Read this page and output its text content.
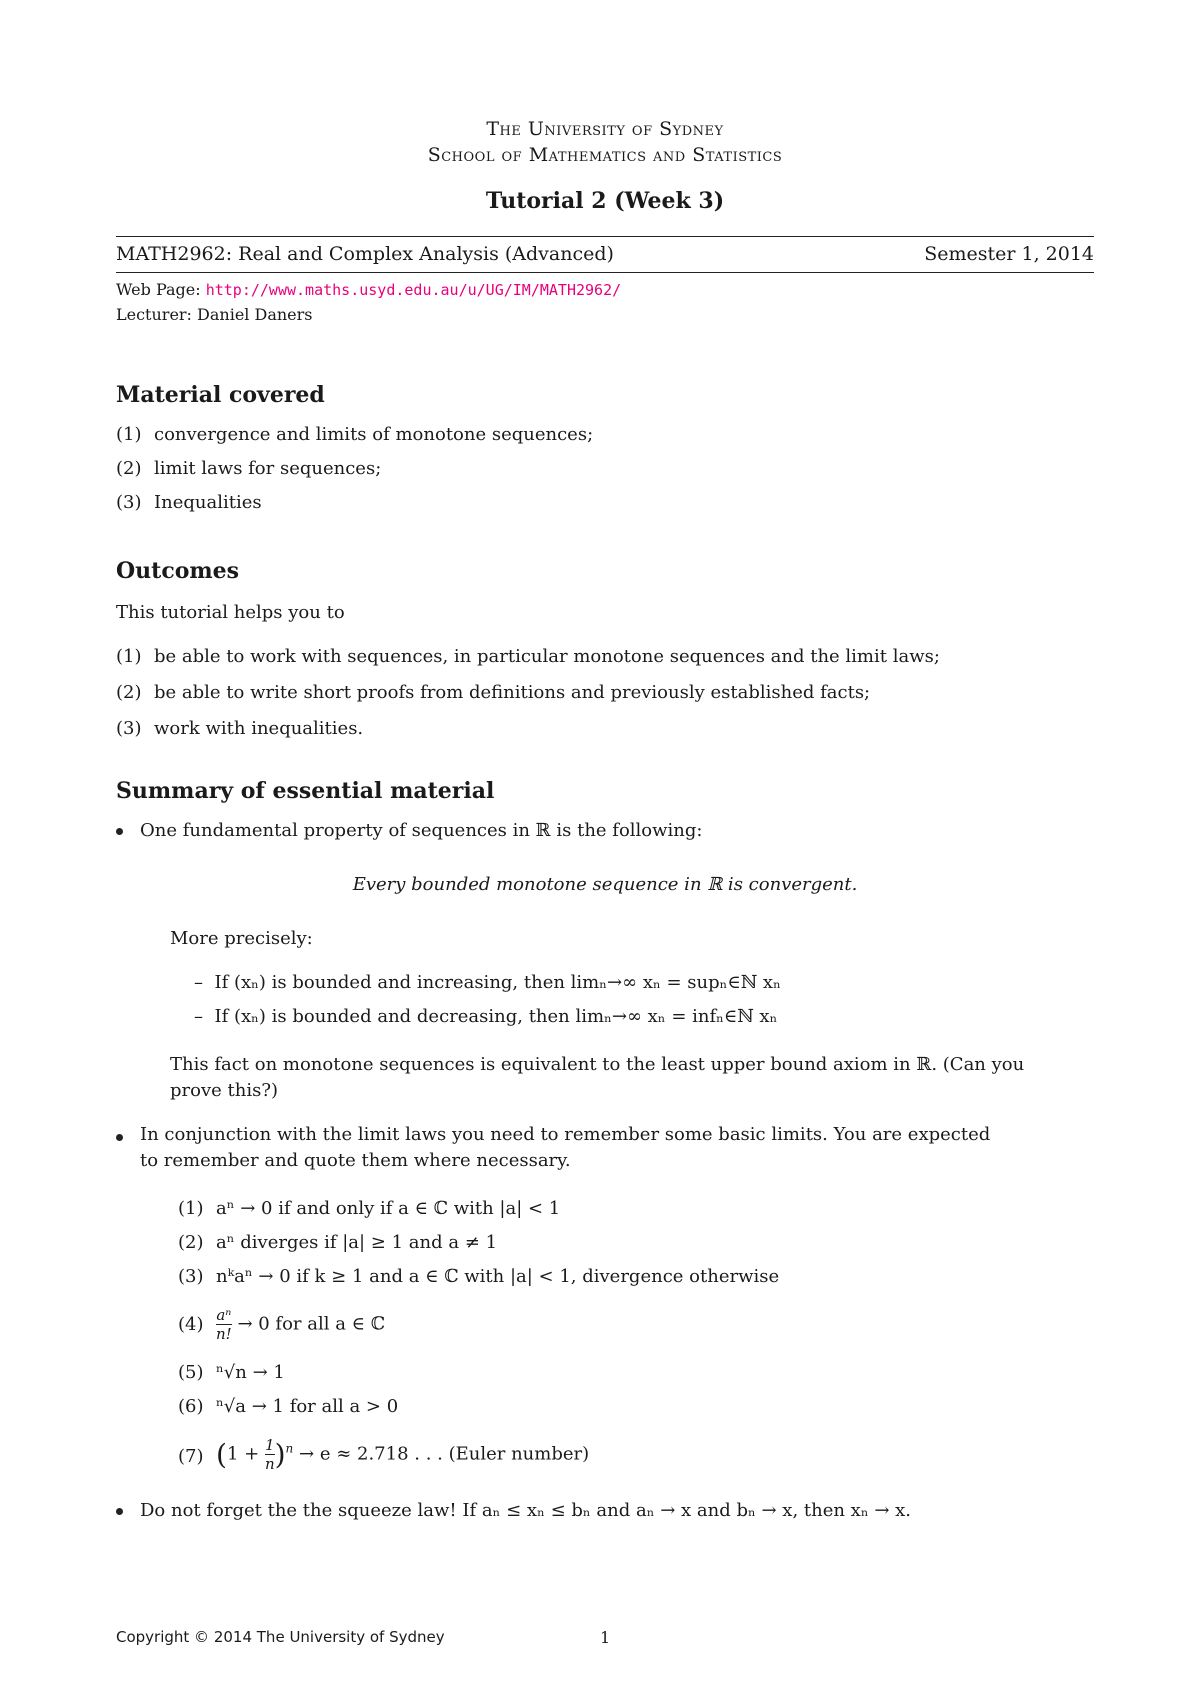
The University of Sydney
School of Mathematics and Statistics
Tutorial 2 (Week 3)
MATH2962: Real and Complex Analysis (Advanced)	Semester 1, 2014
Web Page: http://www.maths.usyd.edu.au/u/UG/IM/MATH2962/
Lecturer: Daniel Daners
Material covered
(1) convergence and limits of monotone sequences;
(2) limit laws for sequences;
(3) Inequalities
Outcomes
This tutorial helps you to
(1) be able to work with sequences, in particular monotone sequences and the limit laws;
(2) be able to write short proofs from definitions and previously established facts;
(3) work with inequalities.
Summary of essential material
One fundamental property of sequences in ℝ is the following:
Every bounded monotone sequence in ℝ is convergent.
More precisely:
–  If (xₙ) is bounded and increasing, then limₙ→∞ xₙ = supₙ∈ℕ xₙ
–  If (xₙ) is bounded and decreasing, then limₙ→∞ xₙ = infₙ∈ℕ xₙ
This fact on monotone sequences is equivalent to the least upper bound axiom in ℝ. (Can you
prove this?)
In conjunction with the limit laws you need to remember some basic limits. You are expected
to remember and quote them where necessary.
(1) aⁿ → 0 if and only if a ∈ ℂ with |a| < 1
(2) aⁿ diverges if |a| ≥ 1 and a ≠ 1
(3) nᵏaⁿ → 0 if k ≥ 1 and a ∈ ℂ with |a| < 1, divergence otherwise
$(4) \frac{\text{aⁿ}}{n!} \to 0$ for all a ∈ ℂ
(5) ⁿ√n → 1
(6) ⁿ√a → 1 for all a > 0
(7) $(1 + \frac{1}{n} )^n \to e \approx 2.718$ . . . (Euler number)
Do not forget the the squeeze law! If aₙ ≤ xₙ ≤ bₙ and aₙ → x and bₙ → x, then xₙ → x.
Copyright © 2014 The University of Sydney	1
